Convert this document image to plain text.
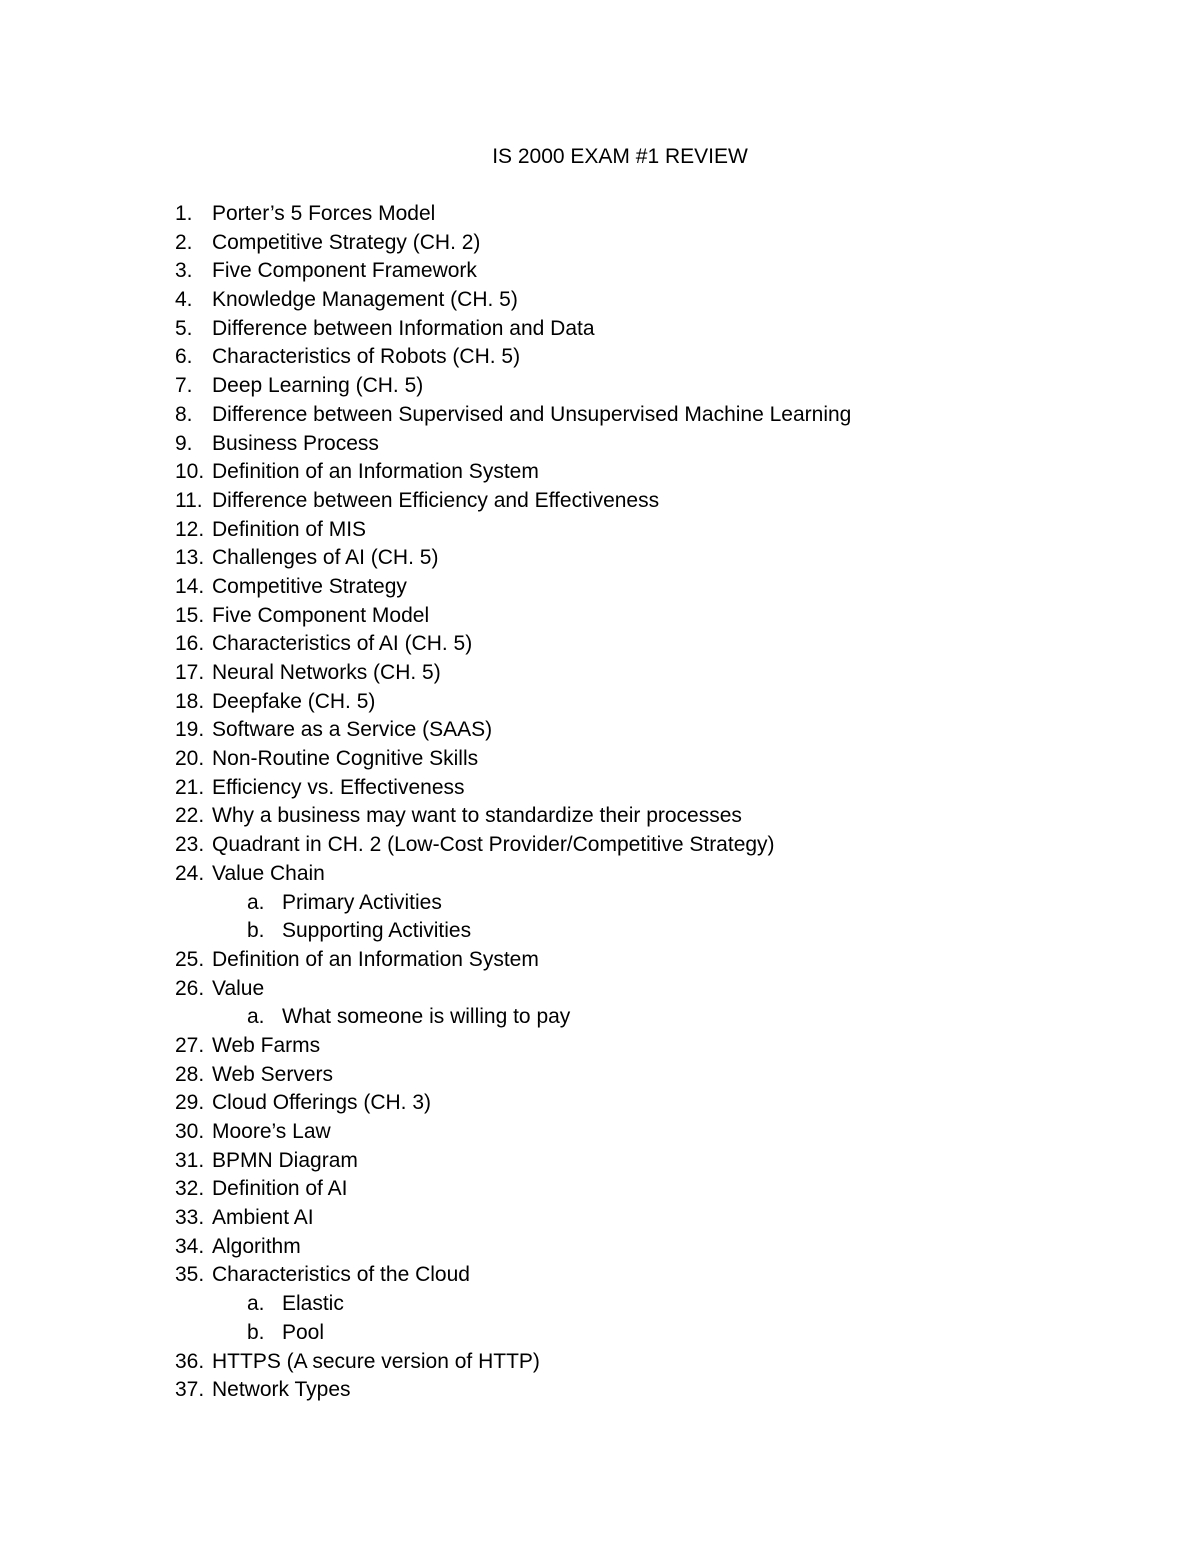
IS 2000 EXAM #1 REVIEW
1. Porter’s 5 Forces Model
2. Competitive Strategy (CH. 2)
3. Five Component Framework
4. Knowledge Management (CH. 5)
5. Difference between Information and Data
6. Characteristics of Robots (CH. 5)
7. Deep Learning (CH. 5)
8. Difference between Supervised and Unsupervised Machine Learning
9. Business Process
10. Definition of an Information System
11. Difference between Efficiency and Effectiveness
12. Definition of MIS
13. Challenges of AI (CH. 5)
14. Competitive Strategy
15. Five Component Model
16. Characteristics of AI (CH. 5)
17. Neural Networks (CH. 5)
18. Deepfake (CH. 5)
19. Software as a Service (SAAS)
20. Non-Routine Cognitive Skills
21. Efficiency vs. Effectiveness
22. Why a business may want to standardize their processes
23. Quadrant in CH. 2 (Low-Cost Provider/Competitive Strategy)
24. Value Chain
a. Primary Activities
b. Supporting Activities
25. Definition of an Information System
26. Value
a. What someone is willing to pay
27. Web Farms
28. Web Servers
29. Cloud Offerings (CH. 3)
30. Moore’s Law
31. BPMN Diagram
32. Definition of AI
33. Ambient AI
34. Algorithm
35. Characteristics of the Cloud
a. Elastic
b. Pool
36. HTTPS (A secure version of HTTP)
37. Network Types
